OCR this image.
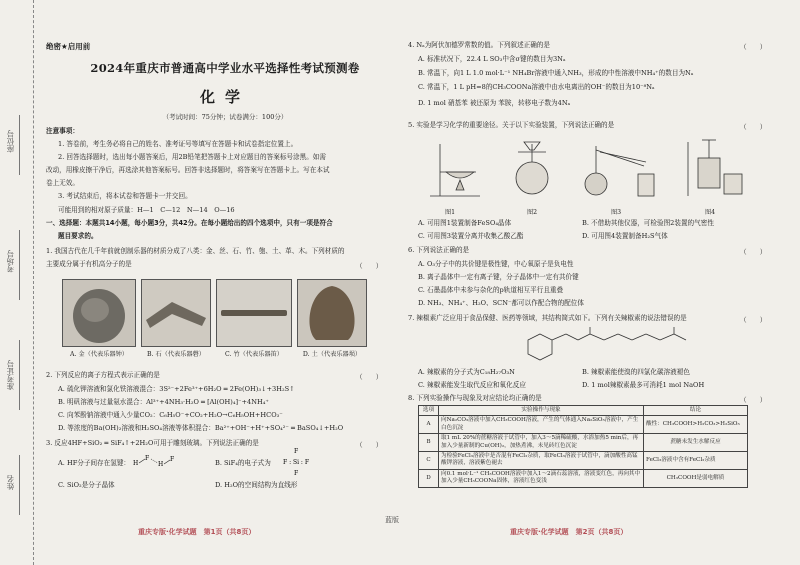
座位号
考场号
准考证号
姓名
绝密★启用前
2024年重庆市普通高中学业水平选择性考试预测卷
化学
（考试时间：75分钟；试卷满分：100分）
注意事项：
1. 答卷前，考生务必将自己的姓名、准考证号等填写在答题卡和试卷指定位置上。
2. 回答选择题时，选出每小题答案后，用2B铅笔把答题卡上对应题目的答案标号涂黑。如需
改动，用橡皮擦干净后，再选涂其他答案标号。回答非选择题时，将答案写在答题卡上。写在本试
卷上无效。
3. 考试结束后，将本试卷和答题卡一并交回。
可能用到的相对原子质量：H—1　C—12　N—14　O—16
一、选择题：本题共14小题，每小题3分，共42分。在每小题给出的四个选项中，只有一项是符合
题目要求的。
1. 我国古代在几千年前就创制乐器的材质分成了八类：金、丝、石、竹、匏、土、革、木。下列材质的
主要成分属于有机高分子的是	（　　）
A. 金（代表乐器钟）	B. 石（代表乐器磬）	C. 竹（代表乐器笛）	D. 土（代表乐器埙）
2. 下列反应的离子方程式表示正确的是	（　　）
A. 硫化钾溶液和氯化铁溶液混合：3S²⁻+2Fe³⁺+6H₂O ═ 2Fe(OH)₃↓+3H₂S↑
B. 明矾溶液与过量氨水混合：Al³⁺+4NH₃·H₂O ═ [Al(OH)₄]⁻+4NH₄⁺
C. 向苯酚钠溶液中通入少量CO₂：C₆H₅O⁻+CO₂+H₂O→C₆H₅OH+HCO₃⁻
D. 等浓度的Ba(OH)₂溶液和H₂SO₄溶液等体积混合：Ba²⁺+OH⁻+H⁺+SO₄²⁻ ═ BaSO₄↓+H₂O
3. 反应4HF+SiO₂ ═ SiF₄↑+2H₂O可用于雕刻玻璃。下列说法正确的是	（　　）
A. HF分子间存在氢键： H
F
H
F	B. SiF₄的电子式为
F
F : Si : F
F
C. SiO₂是分子晶体	D. H₂O的空间结构为直线形
重庆专版·化学试题　第1页（共8页）
蓝版
4. Nₐ为阿伏加德罗常数的值。下列叙述正确的是	（　　）
A. 标准状况下，22.4 L SO₃中含σ键的数目为3Nₐ
B. 常温下，向1 L 1.0 mol·L⁻¹ NH₄Br溶液中通入NH₃，形成的中性溶液中NH₄⁺的数目为Nₐ
C. 常温下，1 L pH=8的CH₃COONa溶液中由水电离出的OH⁻的数目为10⁻⁸Nₐ
D. 1 mol 硝基苯 被还原为 苯胺，转移电子数为4Nₐ
5. 实验是学习化学的重要途径。关于以下实验装置，下列说法正确的是	（　　）
图1	图2	图3	图4
A. 可用图1装置制备FeSO₄晶体	B. 不借助其他仪器，可检验图2装置的气密性
C. 可用图3装置分离并收集乙酸乙酯	D. 可用图4装置制备H₂S气体
6. 下列说法正确的是	（　　）
A. O₃分子中的共价键是极性键，中心氧原子是负电性
B. 离子晶体中一定有离子键，分子晶体中一定有共价键
C. 石墨晶体中未参与杂化的p轨道相互平行且重叠
D. NH₃、NH₄⁺、H₂O、SCN⁻都可以作配合物的配位体
7. 辣椒素广泛应用于食品保健、医药等领域，其结构简式如下。下列有关辣椒素的说法错误的是	（　　）
A. 辣椒素的分子式为C₁₈H₂₇O₃N	B. 辣椒素能使溴的四氯化碳溶液褪色
C. 辣椒素能发生取代反应和氧化反应	D. 1 mol辣椒素最多可消耗1 mol NaOH
8. 下列实验操作与现象及对应结论均正确的是	（　　）
选项	实验操作与现象	结论
A	向Na₂CO₃溶液中加入CH₃COOH溶液，产生的气体通入Na₂SiO₃溶液中，产生白色沉淀	酸性：CH₃COOH>H₂CO₃>H₂SiO₃
B	取1 mL 20%的蔗糖溶液于试管中，加入3～5滴稀硫酸，水浴加热5 min后，再加入少量新制的Cu(OH)₂，加热煮沸，未见砖红色沉淀	蔗糖未发生水解反应
C	为检验FeCl₃溶液中是否混有FeCl₂杂质，取FeCl₃溶液于试管中，滴加酸性高锰酸钾溶液，溶液紫色褪去	FeCl₃溶液中含有FeCl₂杂质
D	向0.1 mol·L⁻¹ CH₃COOH溶液中加入1～2滴石蕊溶液，溶液变红色，再向其中加入少量CH₃COONa固体，溶液红色变浅	CH₃COOH是弱电解质
重庆专版·化学试题　第2页（共8页）
